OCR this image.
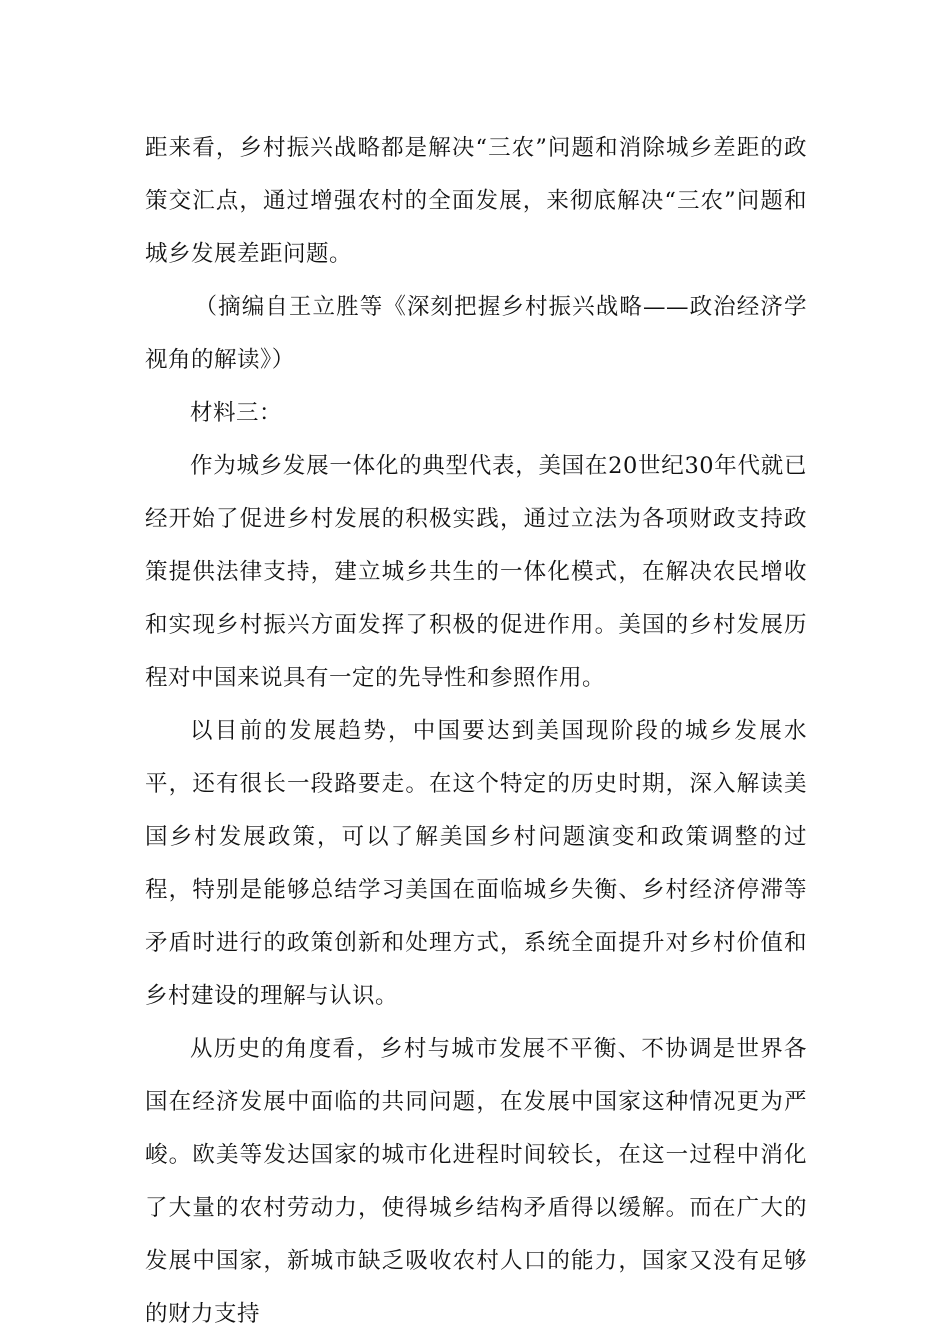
距来看，乡村振兴战略都是解决“三农”问题和消除城乡差距的政策交汇点，通过增强农村的全面发展，来彻底解决“三农”问题和城乡发展差距问题。

（摘编自王立胜等《深刻把握乡村振兴战略——政治经济学视角的解读》）

材料三：

作为城乡发展一体化的典型代表，美国在20世纪30年代就已经开始了促进乡村发展的积极实践，通过立法为各项财政支持政策提供法律支持，建立城乡共生的一体化模式，在解决农民增收和实现乡村振兴方面发挥了积极的促进作用。美国的乡村发展历程对中国来说具有一定的先导性和参照作用。

以目前的发展趋势，中国要达到美国现阶段的城乡发展水平，还有很长一段路要走。在这个特定的历史时期，深入解读美国乡村发展政策，可以了解美国乡村问题演变和政策调整的过程，特别是能够总结学习美国在面临城乡失衡、乡村经济停滞等矛盾时进行的政策创新和处理方式，系统全面提升对乡村价值和乡村建设的理解与认识。

从历史的角度看，乡村与城市发展不平衡、不协调是世界各国在经济发展中面临的共同问题，在发展中国家这种情况更为严峻。欧美等发达国家的城市化进程时间较长，在这一过程中消化了大量的农村劳动力，使得城乡结构矛盾得以缓解。而在广大的发展中国家，新城市缺乏吸收农村人口的能力，国家又没有足够的财力支持
